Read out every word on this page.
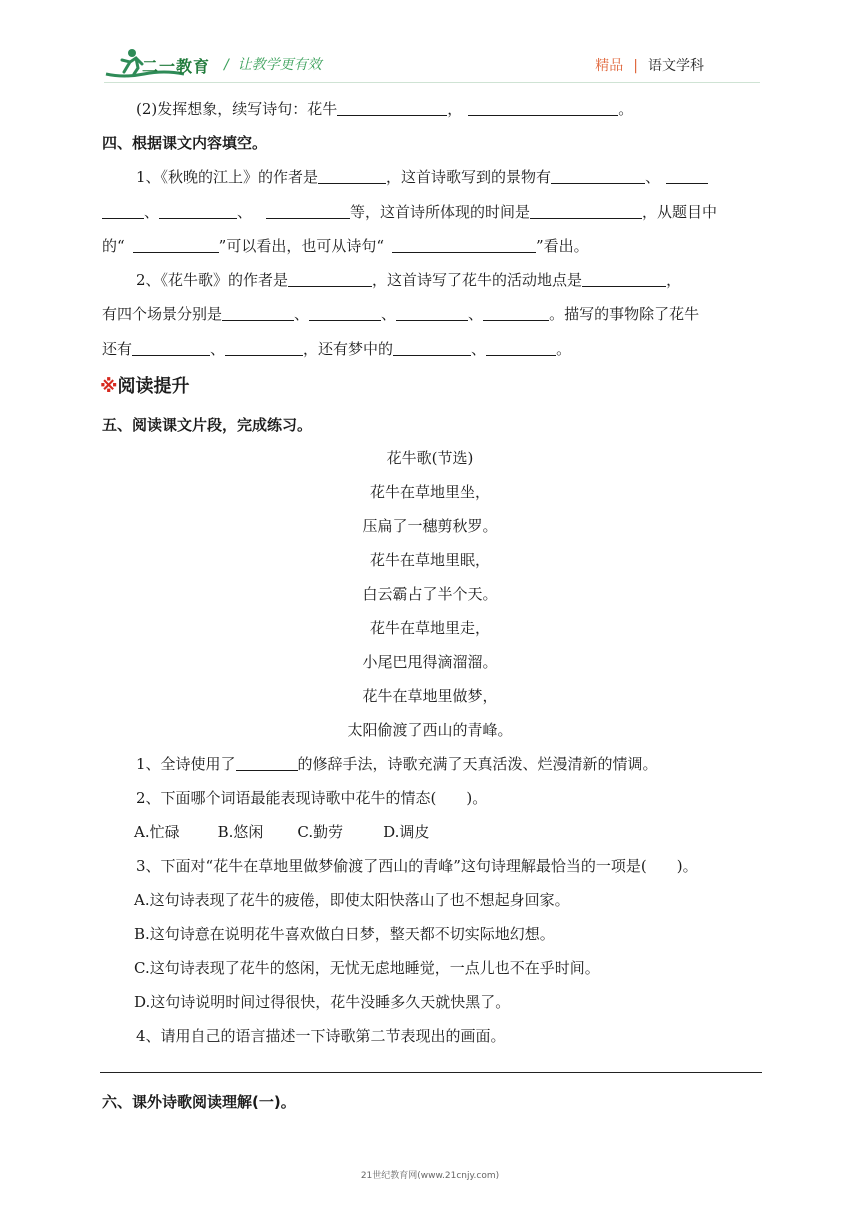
二一教育 /  让教学更有效	精品 | 语文学科
(2)发挥想象，续写诗句：花牛	，	。
四、根据课文内容填空。
1、《秋晚的江上》的作者是	，这首诗歌写到的景物有	、
、	、	等，这首诗所体现的时间是	，从题目中
的“	”可以看出，也可从诗句“	”看出。
2、《花牛歌》的作者是	，这首诗写了花牛的活动地点是	，
有四个场景分别是	、	、	、	。描写的事物除了花牛
还有	、	，还有梦中的	、	。
※阅读提升
五、阅读课文片段，完成练习。
花牛歌(节选)
花牛在草地里坐，
压扁了一穗剪秋罗。
花牛在草地里眠，
白云霸占了半个天。
花牛在草地里走，
小尾巴甩得滴溜溜。
花牛在草地里做梦，
太阳偷渡了西山的青峰。
1、全诗使用了	的修辞手法，诗歌充满了天真活泼、烂漫清新的情调。
2、下面哪个词语最能表现诗歌中花牛的情态(　　)。
A.忙碌	B.悠闲 C.勤劳	D.调皮
3、下面对“花牛在草地里做梦偷渡了西山的青峰”这句诗理解最恰当的一项是(　　)。
A.这句诗表现了花牛的疲倦，即使太阳快落山了也不想起身回家。
B.这句诗意在说明花牛喜欢做白日梦，整天都不切实际地幻想。
C.这句诗表现了花牛的悠闲，无忧无虑地睡觉，一点儿也不在乎时间。
D.这句诗说明时间过得很快，花牛没睡多久天就快黑了。
4、请用自己的语言描述一下诗歌第二节表现出的画面。
六、课外诗歌阅读理解(一)。
21世纪教育网(www.21cnjy.com)
